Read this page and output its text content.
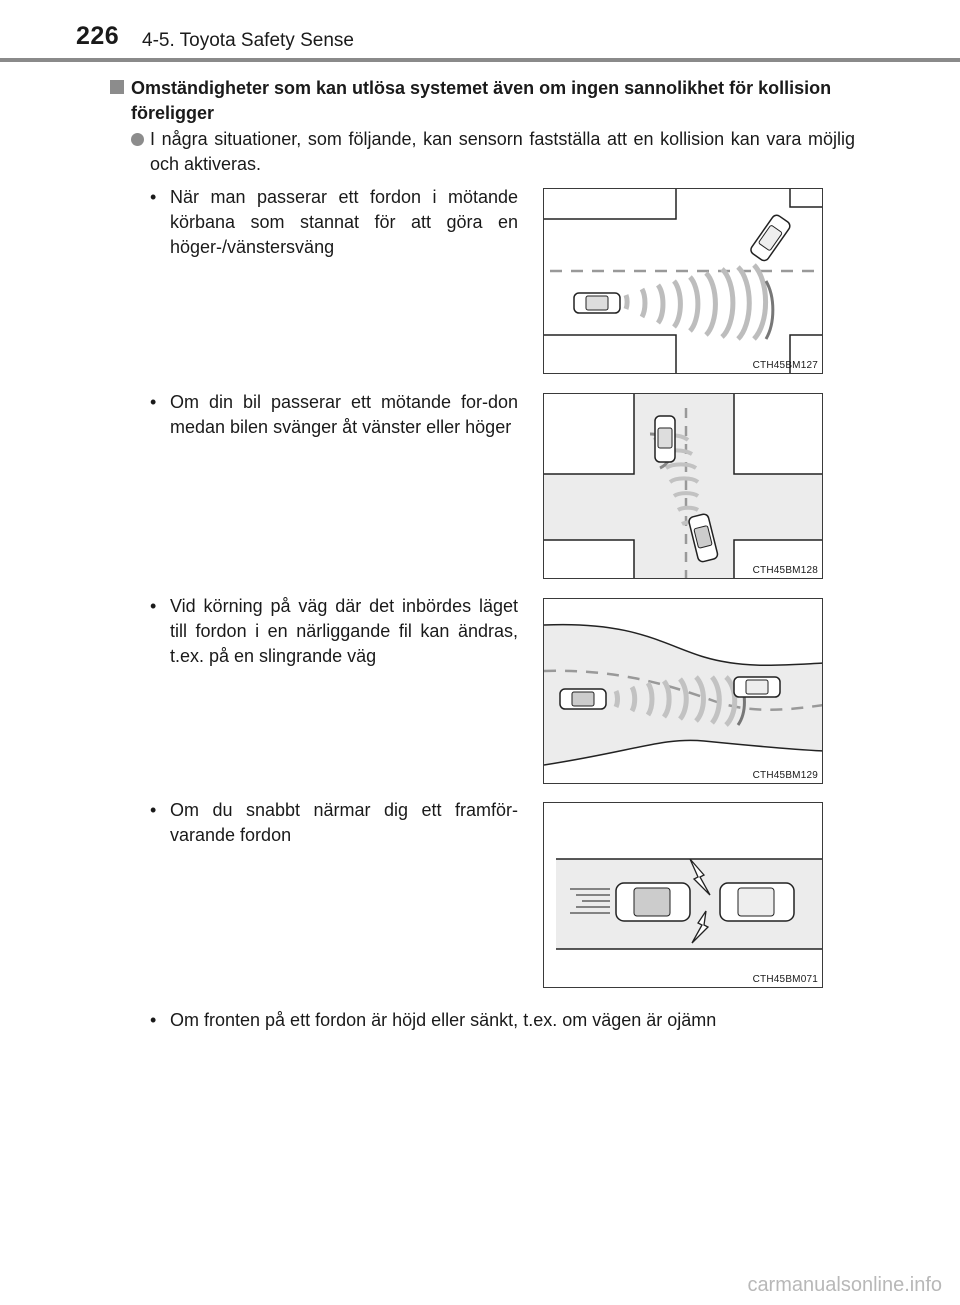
226 4-5. Toyota Safety Sense
Omständigheter som kan utlösa systemet även om ingen sannolikhet för kollision föreligger
I några situationer, som följande, kan sensorn fastställa att en kollision kan vara möjlig och aktiveras.
• När man passerar ett fordon i mötande körbana som stannat för att göra en höger-/vänstersväng
CTH45BM127
• Om din bil passerar ett mötande for-don medan bilen svänger åt vänster eller höger
CTH45BM128
• Vid körning på väg där det inbördes läget till fordon i en närliggande fil kan ändras, t.ex. på en slingrande väg
CTH45BM129
• Om du snabbt närmar dig ett framför-varande fordon
CTH45BM071
• Om fronten på ett fordon är höjd eller sänkt, t.ex. om vägen är ojämn
carmanualsonline.info
